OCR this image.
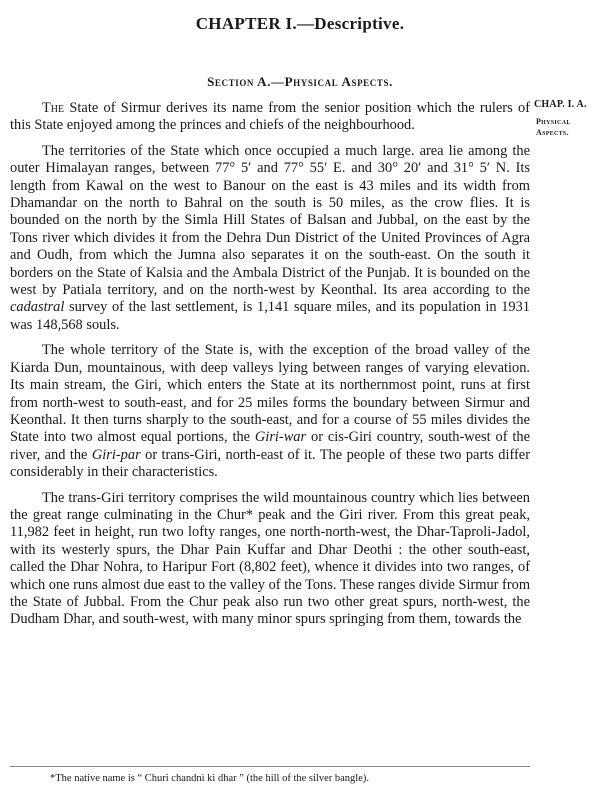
CHAPTER I.—Descriptive.
Section A.—Physical Aspects.
CHAP. I. A.
Physical
Aspects.

The State of Sirmur derives its name from the senior position which the rulers of this State enjoyed among the princes and chiefs of the neighbourhood.

The territories of the State which once occupied a much large. area lie among the outer Himalayan ranges, between 77° 5′ and 77° 55′ E. and 30° 20′ and 31° 5′ N. Its length from Kawal on the west to Banour on the east is 43 miles and its width from Dhamandar on the north to Bahral on the south is 50 miles, as the crow flies. It is bounded on the north by the Simla Hill States of Balsan and Jubbal, on the east by the Tons river which divides it from the Dehra Dun District of the United Provinces of Agra and Oudh, from which the Jumna also separates it on the south-east. On the south it borders on the State of Kalsia and the Ambala District of the Punjab. It is bounded on the west by Patiala territory, and on the north-west by Keonthal. Its area according to the cadastral survey of the last settlement, is 1,141 square miles, and its population in 1931 was 148,568 souls.

The whole territory of the State is, with the exception of the broad valley of the Kiarda Dun, mountainous, with deep valleys lying between ranges of varying elevation. Its main stream, the Giri, which enters the State at its northernmost point, runs at first from north-west to south-east, and for 25 miles forms the boundary between Sirmur and Keonthal. It then turns sharply to the south-east, and for a course of 55 miles divides the State into two almost equal portions, the Giri-war or cis-Giri country, south-west of the river, and the Giri-par or trans-Giri, north-east of it. The people of these two parts differ considerably in their characteristics.

The trans-Giri territory comprises the wild mountainous country which lies between the great range culminating in the Chur* peak and the Giri river. From this great peak, 11,982 feet in height, run two lofty ranges, one north-north-west, the Dhar-Taproli-Jadol, with its westerly spurs, the Dhar Pain Kuffar and Dhar Deothi : the other south-east, called the Dhar Nohra, to Haripur Fort (8,802 feet), whence it divides into two ranges, of which one runs almost due east to the valley of the Tons. These ranges divide Sirmur from the State of Jubbal. From the Chur peak also run two other great spurs, north-west, the Dudham Dhar, and south-west, with many minor spurs springing from them, towards the

*The native name is “ Churi chandni ki dhar ” (the hill of the silver bangle).
